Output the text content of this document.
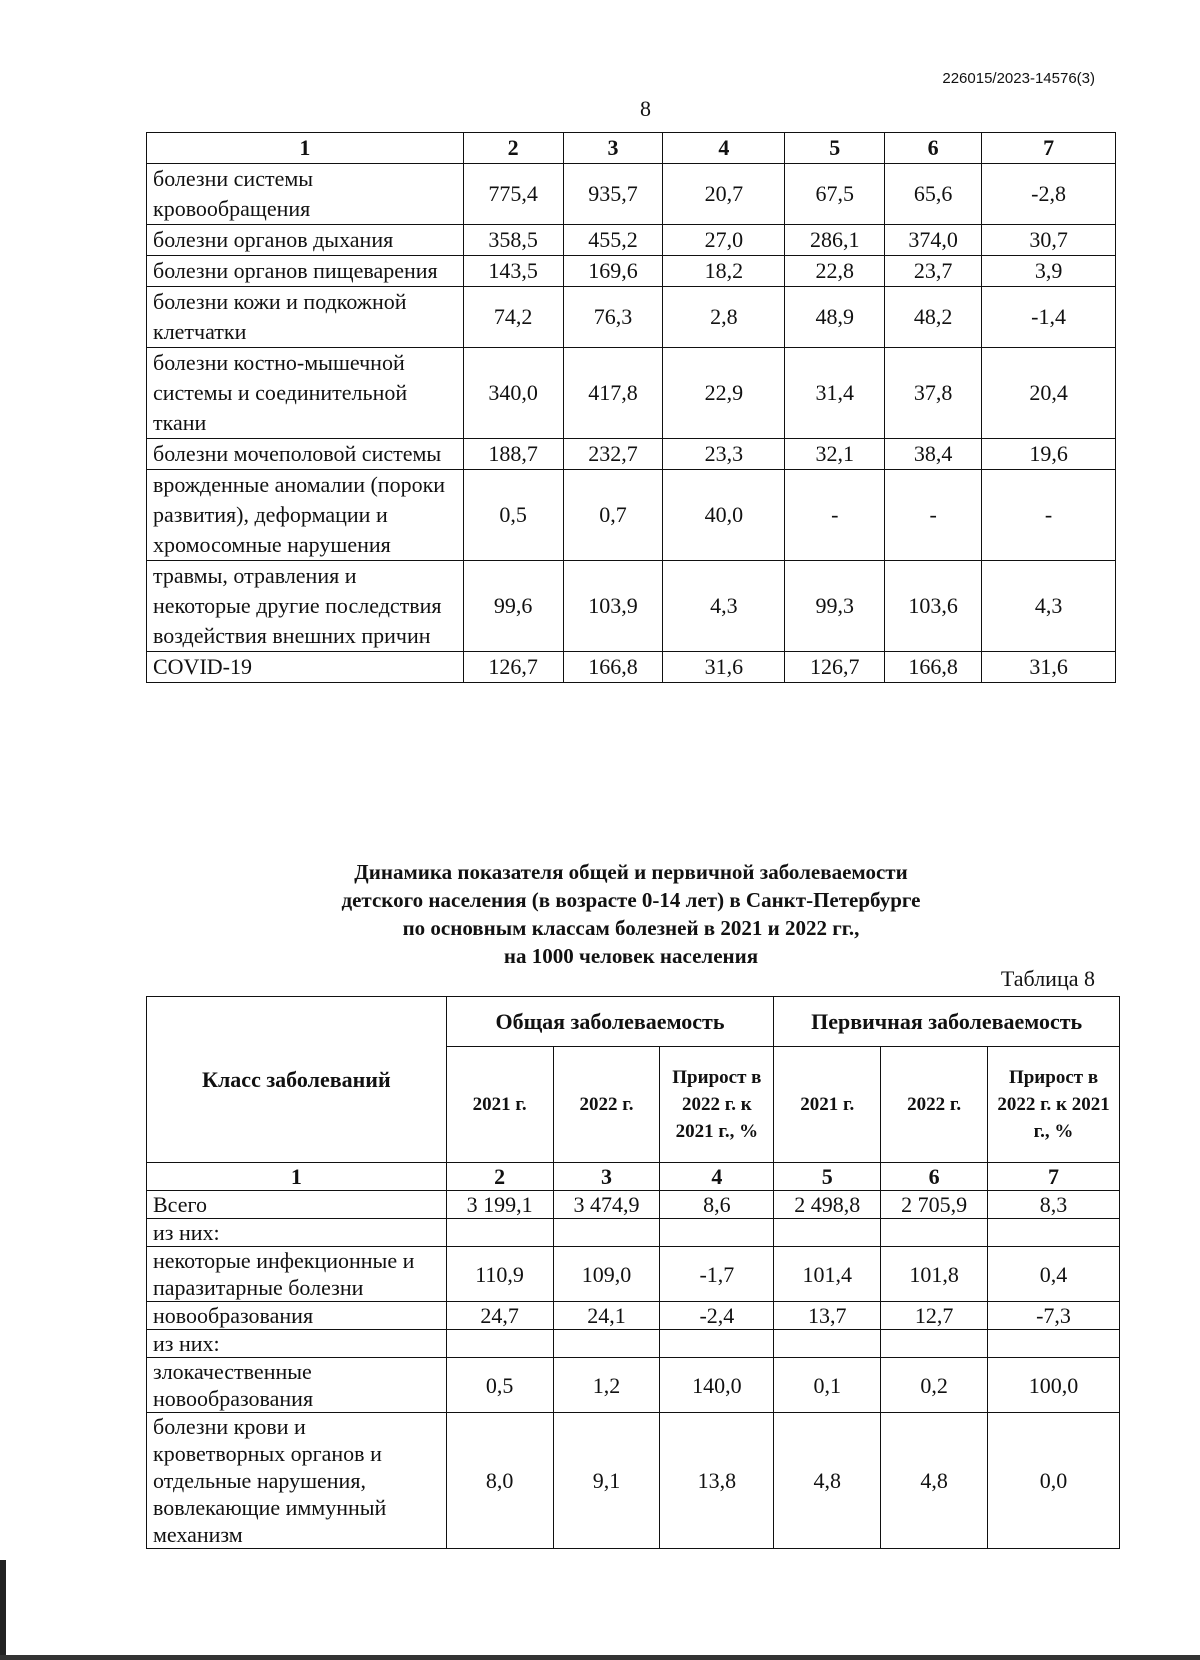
226015/2023-14576(3)
8
1	2	3	4	5	6	7
болезни системы кровообращения	775,4	935,7	20,7	67,5	65,6	-2,8
болезни органов дыхания	358,5	455,2	27,0	286,1	374,0	30,7
болезни органов пищеварения	143,5	169,6	18,2	22,8	23,7	3,9
болезни кожи и подкожной клетчатки	74,2	76,3	2,8	48,9	48,2	-1,4
болезни костно-мышечной системы и соединительной ткани	340,0	417,8	22,9	31,4	37,8	20,4
болезни мочеполовой системы	188,7	232,7	23,3	32,1	38,4	19,6
врожденные аномалии (пороки развития), деформации и хромосомные нарушения	0,5	0,7	40,0	-	-	-
травмы, отравления и некоторые другие последствия воздействия внешних причин	99,6	103,9	4,3	99,3	103,6	4,3
COVID-19	126,7	166,8	31,6	126,7	166,8	31,6
Динамика показателя общей и первичной заболеваемости
детского населения (в возрасте 0-14 лет) в Санкт-Петербурге
по основным классам болезней в 2021 и 2022 гг.,
на 1000 человек населения
Таблица 8
Класс заболеваний	Общая заболеваемость			Первичная заболеваемость		
	2021 г.	2022 г.	Прирост в 2022 г. к 2021 г., %	2021 г.	2022 г.	Прирост в 2022 г. к 2021 г., %
1	2	3	4	5	6	7
Всего	3 199,1	3 474,9	8,6	2 498,8	2 705,9	8,3
из них:						
некоторые инфекционные и паразитарные болезни	110,9	109,0	-1,7	101,4	101,8	0,4
новообразования	24,7	24,1	-2,4	13,7	12,7	-7,3
из них:						
злокачественные новообразования	0,5	1,2	140,0	0,1	0,2	100,0
болезни крови и кроветворных органов и отдельные нарушения, вовлекающие иммунный механизм	8,0	9,1	13,8	4,8	4,8	0,0
